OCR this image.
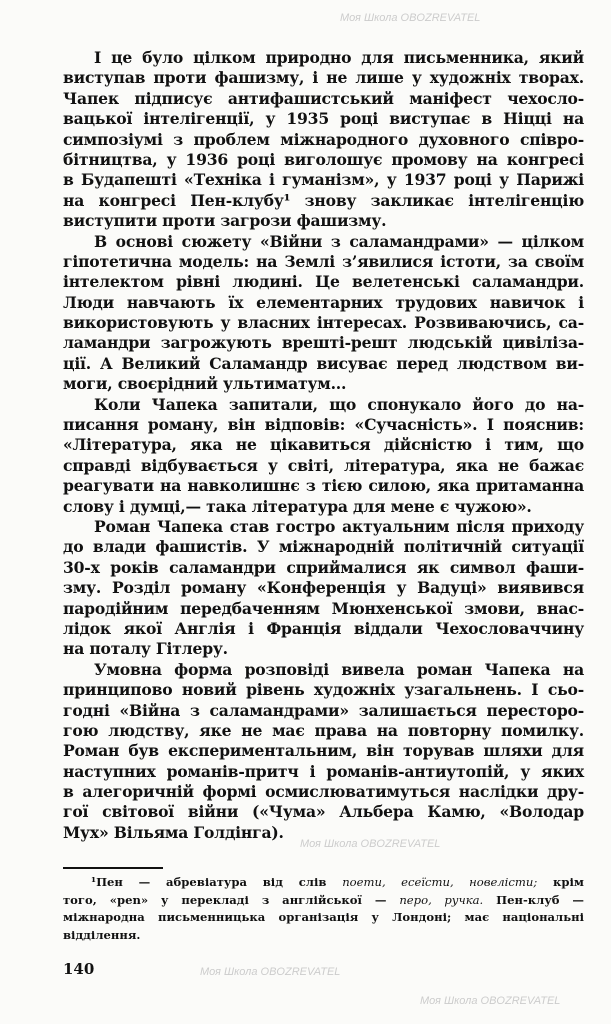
Моя Школа OBOZREVATEL
Моя Школа OBOZREVATEL
Моя Школа OBOZREVATEL
Моя Школа OBOZREVATEL
І це було цілком природно для письменника, який
виступав проти фашизму, і не лише у художніх творах.
Чапек підписує антифашистський маніфест чехосло-
вацької інтелігенції, у 1935 році виступає в Ніцці на
симпозіумі з проблем міжнародного духовного співро-
бітництва, у 1936 році виголошує промову на конгресі
в Будапешті «Техніка і гуманізм», у 1937 році у Парижі
на конгресі Пен-клубу¹ знову закликає інтелігенцію
виступити проти загрози фашизму.
В основі сюжету «Війни з саламандрами» — цілком
гіпотетична модель: на Землі з’явилися істоти, за своїм
інтелектом рівні людині. Це велетенські саламандри.
Люди навчають їх елементарних трудових навичок і
використовують у власних інтересах. Розвиваючись, са-
ламандри загрожують врешті-решт людській цивіліза-
ції. А Великий Саламандр висуває перед людством ви-
моги, своєрідний ультиматум...
Коли Чапека запитали, що спонукало його до на-
писання роману, він відповів: «Сучасність». І пояснив:
«Література, яка не цікавиться дійсністю і тим, що
справді відбувається у світі, література, яка не бажає
реагувати на навколишнє з тією силою, яка притаманна
слову і думці,— така література для мене є чужою».
Роман Чапека став гостро актуальним після приходу
до влади фашистів. У міжнародній політичній ситуації
30-х років саламандри сприймалися як символ фаши-
зму. Розділ роману «Конференція у Вадуці» виявився
пародійним передбаченням Мюнхенської змови, внас-
лідок якої Англія і Франція віддали Чехословаччину
на поталу Гітлеру.
Умовна форма розповіді вивела роман Чапека на
принципово новий рівень художніх узагальнень. І сьо-
годні «Війна з саламандрами» залишається пересторо-
гою людству, яке не має права на повторну помилку.
Роман був експериментальним, він торував шляхи для
наступних романів-притч і романів-антиутопій, у яких
в алегоричній формі осмислюватимуться наслідки дру-
гої світової війни («Чума» Альбера Камю, «Володар
Мух» Вільяма Голдінга).
¹Пен — абревіатура від слів поети, есеїсти, новелісти; крім
того, «pen» у перекладі з англійської — перо, ручка. Пен-клуб —
міжнародна письменницька організація у Лондоні; має національні
відділення.
140
